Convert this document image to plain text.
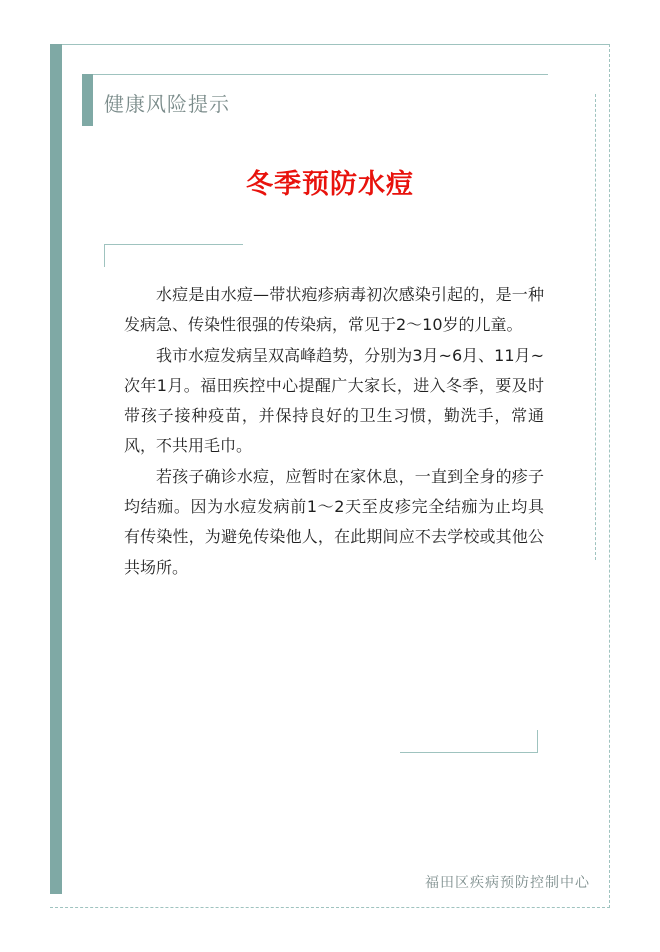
健康风险提示
冬季预防水痘

水痘是由水痘—带状疱疹病毒初次感染引起的，是一种发病急、传染性很强的传染病，常见于2～10岁的儿童。

我市水痘发病呈双高峰趋势，分别为3月~6月、11月~次年1月。福田疾控中心提醒广大家长，进入冬季，要及时带孩子接种疫苗，并保持良好的卫生习惯，勤洗手，常通风，不共用毛巾。

若孩子确诊水痘，应暂时在家休息，一直到全身的疹子均结痂。因为水痘发病前1～2天至皮疹完全结痂为止均具有传染性，为避免传染他人，在此期间应不去学校或其他公共场所。

福田区疾病预防控制中心
